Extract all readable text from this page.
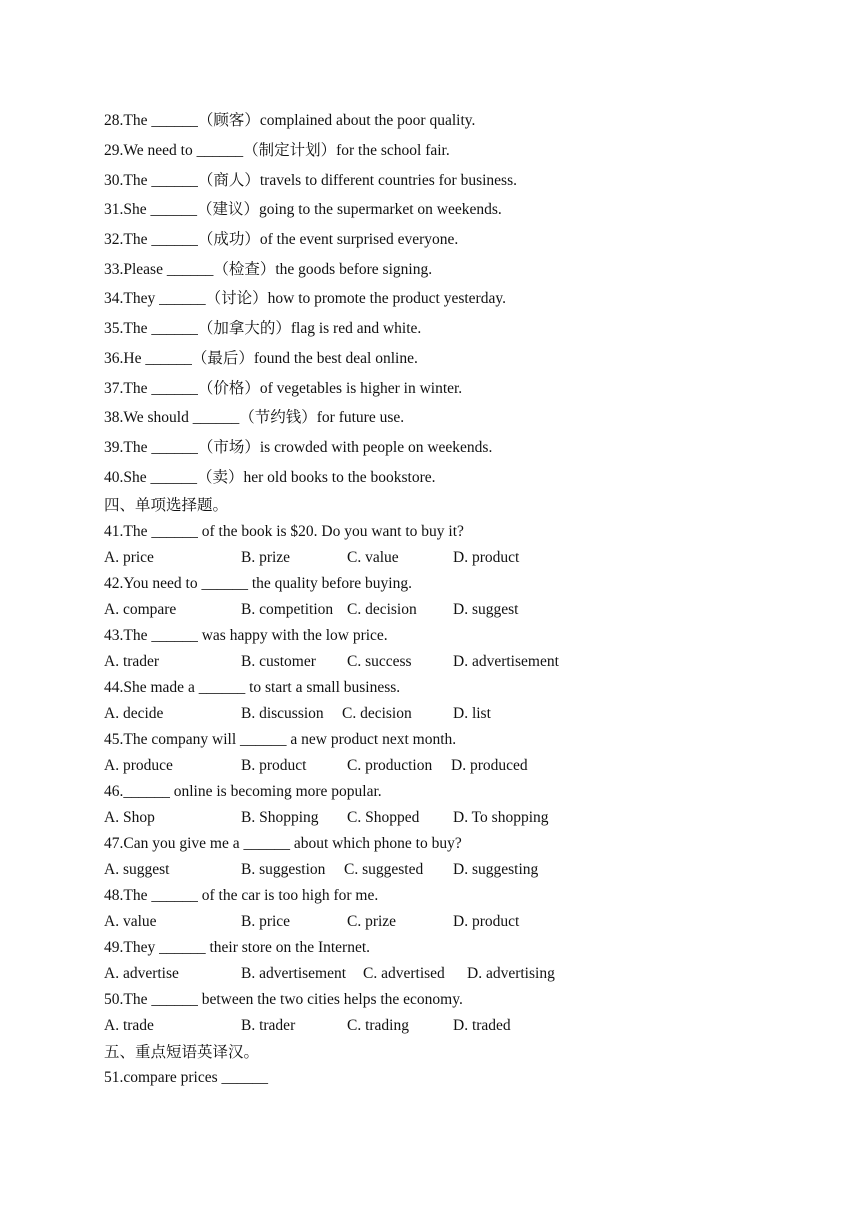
28.The ______（顾客）complained about the poor quality.
29.We need to ______（制定计划）for the school fair.
30.The ______（商人）travels to different countries for business.
31.She ______（建议）going to the supermarket on weekends.
32.The ______（成功）of the event surprised everyone.
33.Please ______（检查）the goods before signing.
34.They ______（讨论）how to promote the product yesterday.
35.The ______（加拿大的）flag is red and white.
36.He ______（最后）found the best deal online.
37.The ______（价格）of vegetables is higher in winter.
38.We should ______（节约钱）for future use.
39.The ______（市场）is crowded with people on weekends.
40.She ______（卖）her old books to the bookstore.
四、单项选择题。
41.The ______ of the book is $20. Do you want to buy it?
A. price	B. prize	C. value	D. product
42.You need to ______ the quality before buying.
A. compare	B. competition C. decision D. suggest
43.The ______ was happy with the low price.
A. trader	B. customer C. success	D. advertisement
44.She made a ______ to start a small business.
A. decide	B. discussion C. decision	D. list
45.The company will ______ a new product next month.
A. produce	B. product	C. production D. produced
46.______ online is becoming more popular.
A. Shop	B. Shopping C. Shopped D. To shopping
47.Can you give me a ______ about which phone to buy?
A. suggest	B. suggestion C. suggested D. suggesting
48.The ______ of the car is too high for me.
A. value	B. price	C. prize	D. product
49.They ______ their store on the Internet.
A. advertise	B. advertisement C. advertised D. advertising
50.The ______ between the two cities helps the economy.
A. trade	B. trader	C. trading	D. traded
五、重点短语英译汉。
51.compare prices ______
